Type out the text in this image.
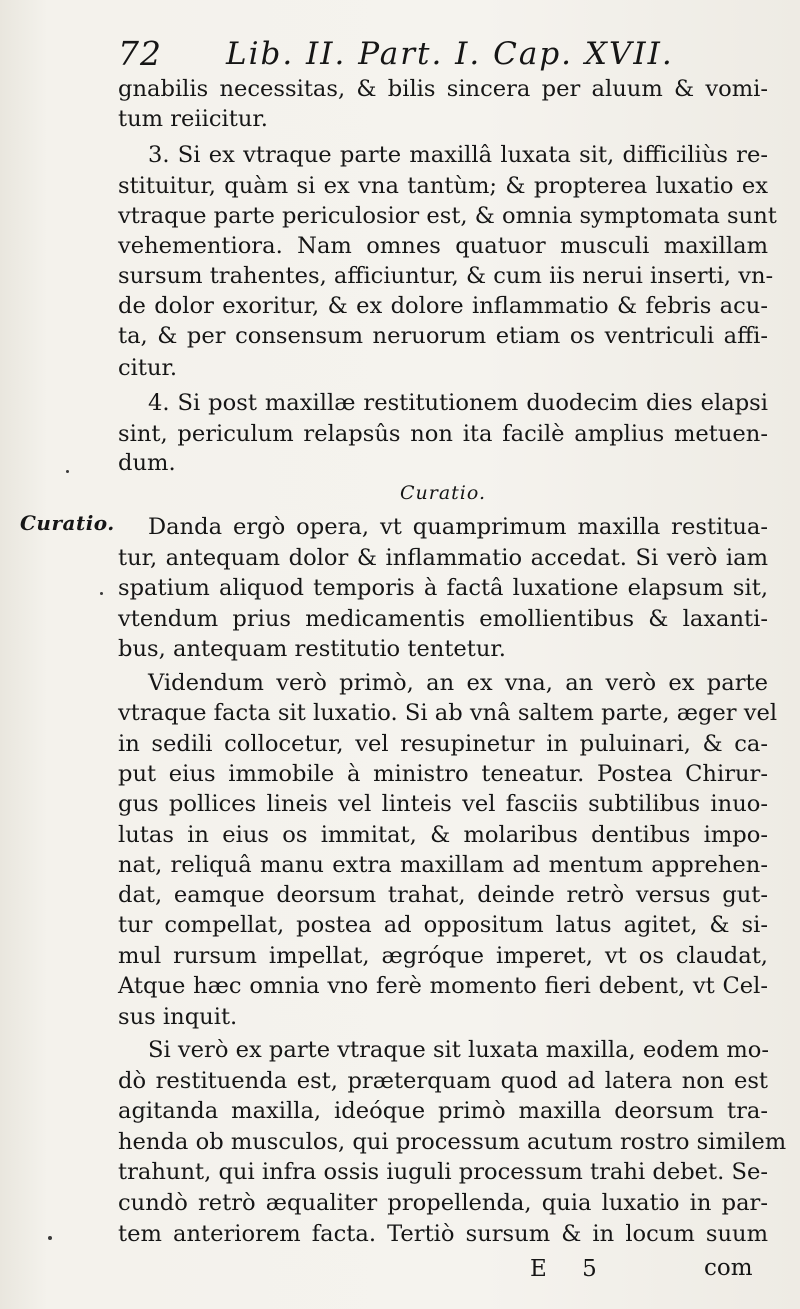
72 Lib. II. Part. I. Cap. XVII.
Curatio.
Curatio.
gnabilis necessitas, & bilis sincera per aluum & vomi-
tum reiicitur.
3. Si ex vtraque parte maxillâ luxata sit, difficiliùs re-
stituitur, quàm si ex vna tantùm; & propterea luxatio ex
vtraque parte periculosior est, & omnia symptomata sunt
vehementiora. Nam omnes quatuor musculi maxillam
sursum trahentes, afficiuntur, & cum iis nerui inserti, vn-
de dolor exoritur, & ex dolore inflammatio & febris acu-
ta, & per consensum neruorum etiam os ventriculi affi-
citur.
4. Si post maxillæ restitutionem duodecim dies elapsi
sint, periculum relapsûs non ita facilè amplius metuen-
dum.
Danda ergò opera, vt quamprimum maxilla restitua-
tur, antequam dolor & inflammatio accedat. Si verò iam
spatium aliquod temporis à factâ luxatione elapsum sit,
vtendum prius medicamentis emollientibus & laxanti-
bus, antequam restitutio tentetur.
Videndum verò primò, an ex vna, an verò ex parte
vtraque facta sit luxatio. Si ab vnâ saltem parte, æger vel
in sedili collocetur, vel resupinetur in puluinari, & ca-
put eius immobile à ministro teneatur. Postea Chirur-
gus pollices lineis vel linteis vel fasciis subtilibus inuo-
lutas in eius os immitat, & molaribus dentibus impo-
nat, reliquâ manu extra maxillam ad mentum apprehen-
dat, eamque deorsum trahat, deinde retrò versus gut-
tur compellat, postea ad oppositum latus agitet, & si-
mul rursum impellat, ægróque imperet, vt os claudat,
Atque hæc omnia vno ferè momento fieri debent, vt Cel-
sus inquit.
Si verò ex parte vtraque sit luxata maxilla, eodem mo-
dò restituenda est, præterquam quod ad latera non est
agitanda maxilla, ideóque primò maxilla deorsum tra-
henda ob musculos, qui processum acutum rostro similem
trahunt, qui infra ossis iuguli processum trahi debet. Se-
cundò retrò æqualiter propellenda, quia luxatio in par-
tem anteriorem facta. Tertiò sursum & in locum suum
E 5	com
